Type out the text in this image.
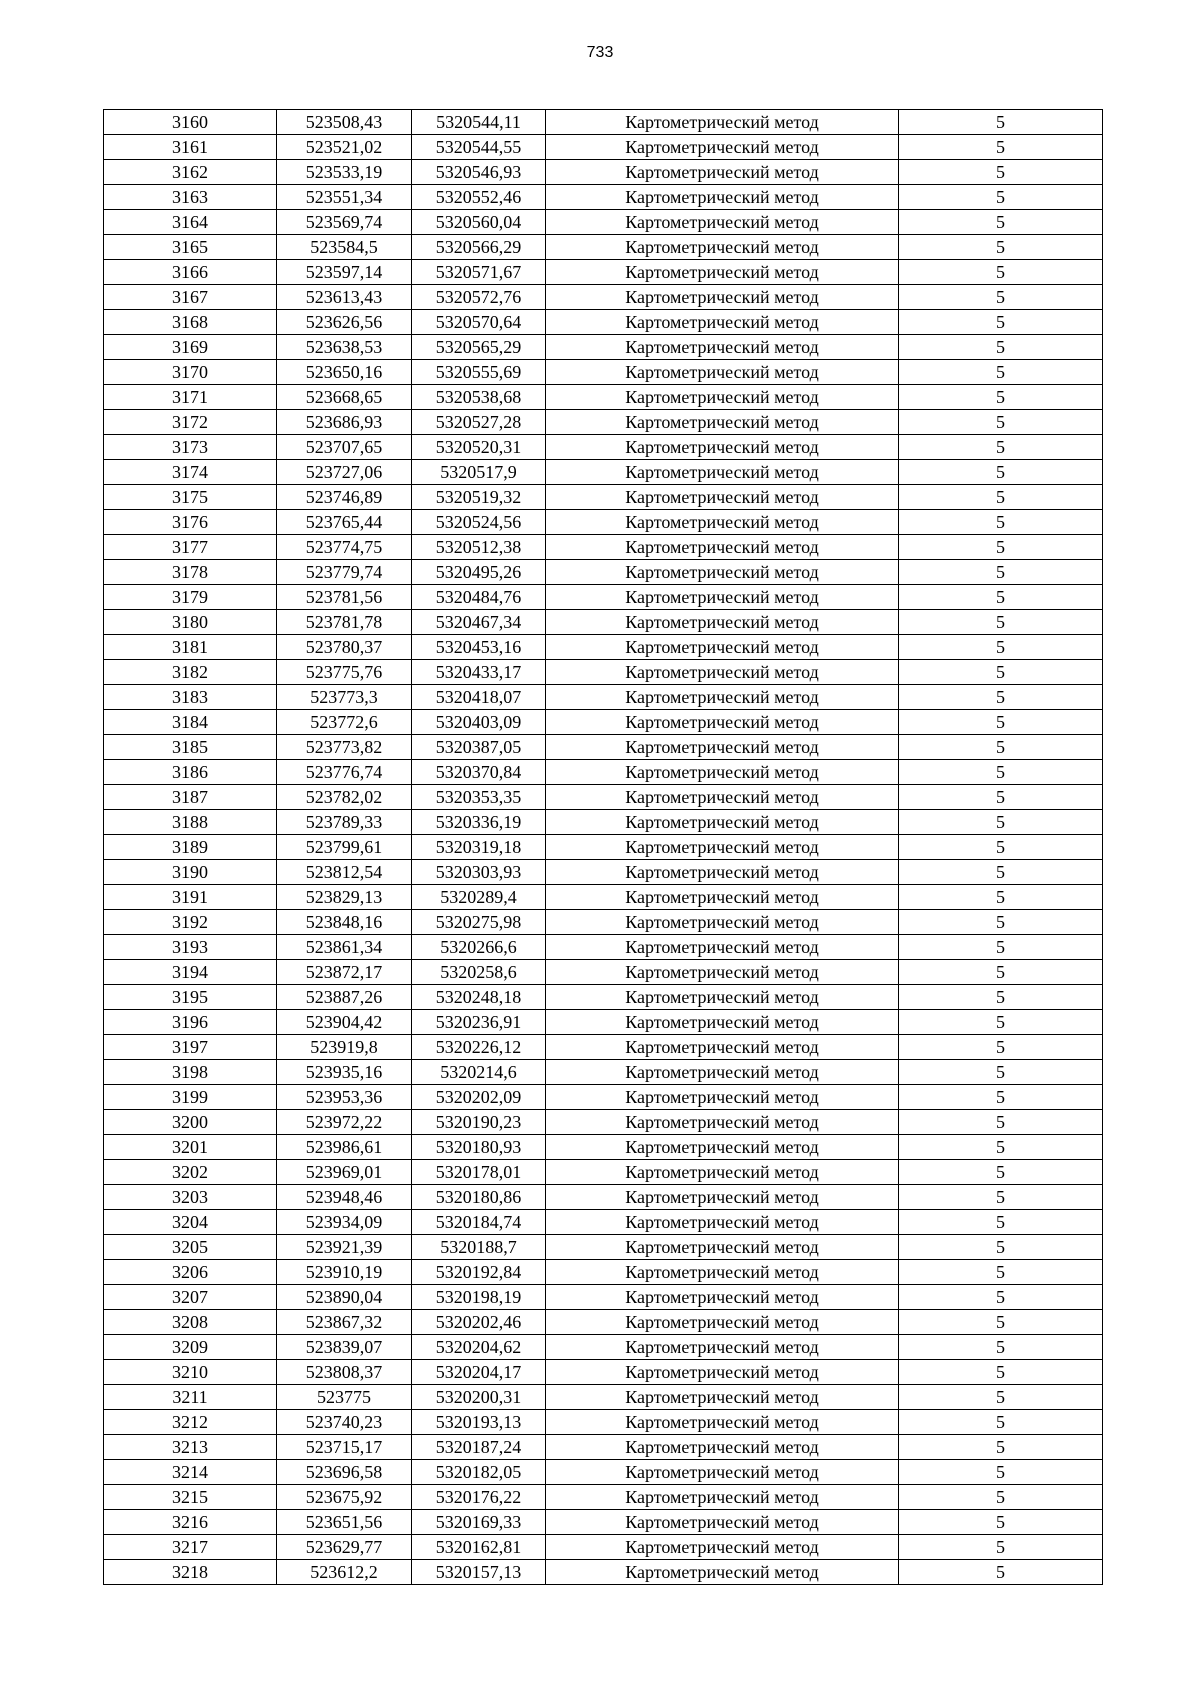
733
3160	523508,43	5320544,11	Картометрический метод	5
3161	523521,02	5320544,55	Картометрический метод	5
3162	523533,19	5320546,93	Картометрический метод	5
3163	523551,34	5320552,46	Картометрический метод	5
3164	523569,74	5320560,04	Картометрический метод	5
3165	523584,5	5320566,29	Картометрический метод	5
3166	523597,14	5320571,67	Картометрический метод	5
3167	523613,43	5320572,76	Картометрический метод	5
3168	523626,56	5320570,64	Картометрический метод	5
3169	523638,53	5320565,29	Картометрический метод	5
3170	523650,16	5320555,69	Картометрический метод	5
3171	523668,65	5320538,68	Картометрический метод	5
3172	523686,93	5320527,28	Картометрический метод	5
3173	523707,65	5320520,31	Картометрический метод	5
3174	523727,06	5320517,9	Картометрический метод	5
3175	523746,89	5320519,32	Картометрический метод	5
3176	523765,44	5320524,56	Картометрический метод	5
3177	523774,75	5320512,38	Картометрический метод	5
3178	523779,74	5320495,26	Картометрический метод	5
3179	523781,56	5320484,76	Картометрический метод	5
3180	523781,78	5320467,34	Картометрический метод	5
3181	523780,37	5320453,16	Картометрический метод	5
3182	523775,76	5320433,17	Картометрический метод	5
3183	523773,3	5320418,07	Картометрический метод	5
3184	523772,6	5320403,09	Картометрический метод	5
3185	523773,82	5320387,05	Картометрический метод	5
3186	523776,74	5320370,84	Картометрический метод	5
3187	523782,02	5320353,35	Картометрический метод	5
3188	523789,33	5320336,19	Картометрический метод	5
3189	523799,61	5320319,18	Картометрический метод	5
3190	523812,54	5320303,93	Картометрический метод	5
3191	523829,13	5320289,4	Картометрический метод	5
3192	523848,16	5320275,98	Картометрический метод	5
3193	523861,34	5320266,6	Картометрический метод	5
3194	523872,17	5320258,6	Картометрический метод	5
3195	523887,26	5320248,18	Картометрический метод	5
3196	523904,42	5320236,91	Картометрический метод	5
3197	523919,8	5320226,12	Картометрический метод	5
3198	523935,16	5320214,6	Картометрический метод	5
3199	523953,36	5320202,09	Картометрический метод	5
3200	523972,22	5320190,23	Картометрический метод	5
3201	523986,61	5320180,93	Картометрический метод	5
3202	523969,01	5320178,01	Картометрический метод	5
3203	523948,46	5320180,86	Картометрический метод	5
3204	523934,09	5320184,74	Картометрический метод	5
3205	523921,39	5320188,7	Картометрический метод	5
3206	523910,19	5320192,84	Картометрический метод	5
3207	523890,04	5320198,19	Картометрический метод	5
3208	523867,32	5320202,46	Картометрический метод	5
3209	523839,07	5320204,62	Картометрический метод	5
3210	523808,37	5320204,17	Картометрический метод	5
3211	523775	5320200,31	Картометрический метод	5
3212	523740,23	5320193,13	Картометрический метод	5
3213	523715,17	5320187,24	Картометрический метод	5
3214	523696,58	5320182,05	Картометрический метод	5
3215	523675,92	5320176,22	Картометрический метод	5
3216	523651,56	5320169,33	Картометрический метод	5
3217	523629,77	5320162,81	Картометрический метод	5
3218	523612,2	5320157,13	Картометрический метод	5
